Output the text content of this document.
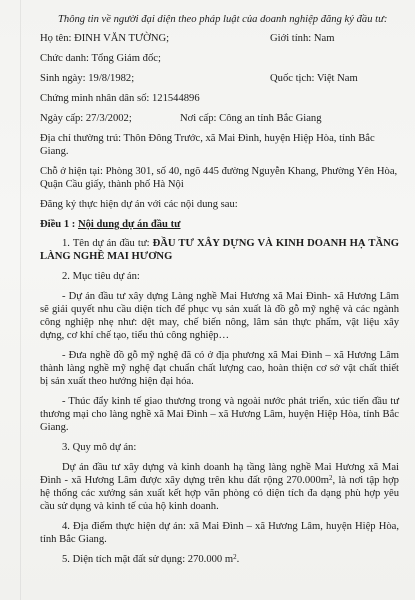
Thông tin về người đại diện theo pháp luật của doanh nghiệp đăng ký đầu tư:

Họ tên: ĐINH VĂN TƯỜNG;	Giới tính: Nam

Chức danh: Tổng Giám đốc;

Sinh ngày: 19/8/1982;	Quốc tịch: Việt Nam

Chứng minh nhân dân số: 121544896

Ngày cấp: 27/3/2002;	Nơi cấp: Công an tỉnh Bắc Giang

Địa chỉ thường trú: Thôn Đông Trước, xã Mai Đình, huyện Hiệp Hòa, tỉnh Bắc Giang.

Chỗ ở hiện tại: Phòng 301, số 40, ngõ 445 đường Nguyễn Khang, Phường Yên Hòa, Quận Cầu giấy, thành phố Hà Nội

Đăng ký thực hiện dự án với các nội dung sau:

Điều 1 : Nội dung dự án đầu tư

1. Tên dự án đầu tư: ĐẦU TƯ XÂY DỰNG VÀ KINH DOANH HẠ TẦNG LÀNG NGHỀ MAI HƯƠNG

2. Mục tiêu dự án:

- Dự án đầu tư xây dựng Làng nghề Mai Hương xã Mai Đình- xã Hương Lâm sẽ giải quyết nhu cầu diện tích để phục vụ sản xuất là đồ gỗ mỹ nghệ và các ngành công nghiệp nhẹ như: dệt may, chế biến nông, lâm sản thực phẩm, vật liệu xây dựng, cơ khí chế tạo, tiểu thủ công nghiệp…

- Đưa nghề đồ gỗ mỹ nghệ đã có ở địa phương xã Mai Đình – xã Hương Lâm thành làng nghề mỹ nghệ đạt chuẩn chất lượng cao, hoàn thiện cơ sở vật chất thiết bị sản xuất theo hướng hiện đại hóa.

- Thúc đẩy kinh tế giao thương trong và ngoài nước phát triển, xúc tiến đầu tư thương mại cho làng nghề xã Mai Đình – xã Hương Lâm, huyện Hiệp Hòa, tỉnh Bắc Giang.

3. Quy mô dự án:

Dự án đầu tư xây dựng và kinh doanh hạ tầng làng nghề Mai Hương xã Mai Đình - xã Hương Lâm được xây dựng trên khu đất rộng $270.000m^2$, là nơi tập hợp hệ thống các xưởng sản xuất kết hợp văn phòng có diện tích đa dạng phù hợp yêu cầu sử dụng và kinh tế của hộ kinh doanh.

4. Địa điểm thực hiện dự án: xã Mai Đình – xã Hương Lâm, huyện Hiệp Hòa, tỉnh Bắc Giang.

5. Diện tích mặt đất sử dụng: 270.000 $m^2$.
